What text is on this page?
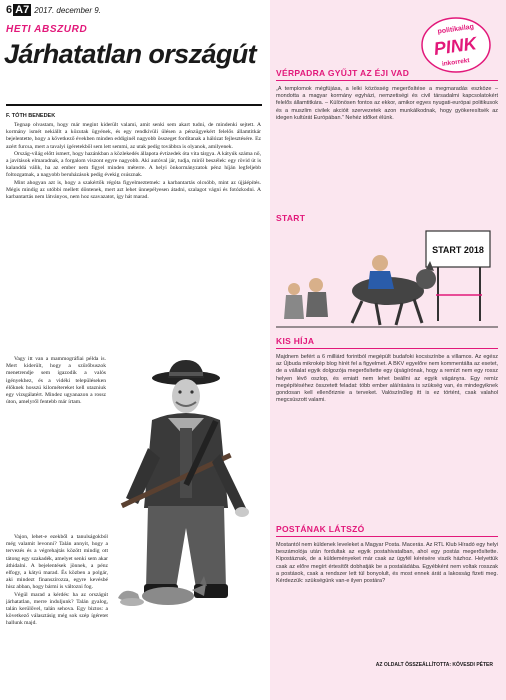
6 A7 2017. december 9.
HETI ABSZURD
Járhatatlan országút
F. TÓTH BENEDEK

Tegnap olvastam, hogy már megint kiderült valami, amit senki sem akart tudni, de mindenki sejtett. A kormány ismét nekiállt a közutak ügyének, és egy rendkívüli ülésen a pénzügyekért felelős államtitkár bejelentette, hogy a következő években minden eddiginél nagyobb összeget fordítanak a hálózat fejlesztésére. Ez azért furcsa, mert a tavalyi ígéretekből sem lett semmi, az utak pedig továbbra is olyanok, amilyenek.

Ország-világ előtt ismert, hogy hazánkban a közlekedés állapota évtizedek óta vita tárgya. A kátyúk száma nő, a javítások elmaradnak, a forgalom viszont egyre nagyobb. Aki autóval jár, tudja, miről beszélek: egy rövid út is kalanddá válik, ha az ember nem figyel minden méterre. A helyi önkormányzatok pénz híján legfeljebb foltozgatnak, a nagyobb beruházások pedig évekig csúsznak.

Mint ahogyan azt is, hogy a szakértők régóta figyelmeztetnek: a karbantartás olcsóbb, mint az újjáépítés. Mégis mindig az utóbbi mellett döntenek, mert azt lehet ünnepélyesen átadni, szalagot vágni és fotózkodni. A karbantartás nem látványos, nem hoz szavazatot, így hát marad.

Vagy itt van a mammográfiai példa is. Mert kiderült, hogy a szűrőbuszok menetrendje sem igazodik a valós igényekhez, és a vidéki településeken élőknek hosszú kilométereket kell utazniuk egy vizsgálatért. Mindez ugyanazon a rossz úton, amelyről fentebb már írtam.

Vajon, lehet-e ezekből a tanulságokból még valamit levonni? Talán annyit, hogy a tervezés és a végrehajtás között mindig ott tátong egy szakadék, amelyet senki sem akar áthidalni. A bejelentések jönnek, a pénz elfogy, a kátyú marad. És közben a polgár, aki mindezt finanszírozza, egyre kevésbé hisz abban, hogy bármi is változni fog.

Végül marad a kérdés: ha az országút járhatatlan, merre induljunk? Talán gyalog, talán kerülővel, talán sehova. Egy biztos: a következő választásig még sok szép ígéretet hallunk majd.

politikailag
PINK
inkorrekt
VÉRPADRA GYŰJT AZ ÉJI VAD
„A templomok mégfújása, a lelki közösség megerősítése a megmaradás eszköze – mondotta a magyar kormány egyházi, nemzetiségi és civil társadalmi kapcsolatokért felelős államtitkára. – Különösen fontos az ekkor, amikor egyes nyugati-európai politikusok és a muszlim civilek akcióit szervezetek azon munkálkodnak, hogy gyökeresítsék az idegen kultúrát Európában.” Nehéz időket élünk.
START
START 2018
KIS HÍJA
Majdnem befért a 6 milliárd forintból megépült budafoki kocsiszínbe a villamos. Az egész az Újbuda mikrokép blog hírét fel a figyelmet. A BKV egyelőre nem kommentálta az esetet, de a vállalat egyik dolgozója megerősítette egy újságírónak, hogy a remízt nem egy rossz helyen lévő oszlop, és emiatt nem lehet beállni az egyik vágányra. Egy remíz megépítéséhez összetett feladat: több ember aláírására is szükség van, és mindegyiknek gondosan kell ellenőriznie a terveket. Valószínűleg itt is ez történt, csak valahol megcsúszott valami.
POSTÁNAK LÁTSZÓ
Mostantól nem küldenek leveleket a Magyar Posta. Macerás. Az RTL Klub Híradó egy helyi beszámolója után fordultak az egyik postahivatalban, ahol egy postás megerősítette. Kipostáznak, de a küldeményeket már csak az ügyfél kérésére viszik házhoz. Helyettük csak az előre megírt értesítőt dobhatják be a postaládába. Egyébként nem voltak rosszak a postások, csak a rendszer lett túl bonyolult, és most ennek árát a lakosság fizeti meg. Kérdezzük: szükségünk van-e ilyen postára?
AZ OLDALT ÖSSZEÁLLÍTOTTA: KÖVESDI PÉTER
